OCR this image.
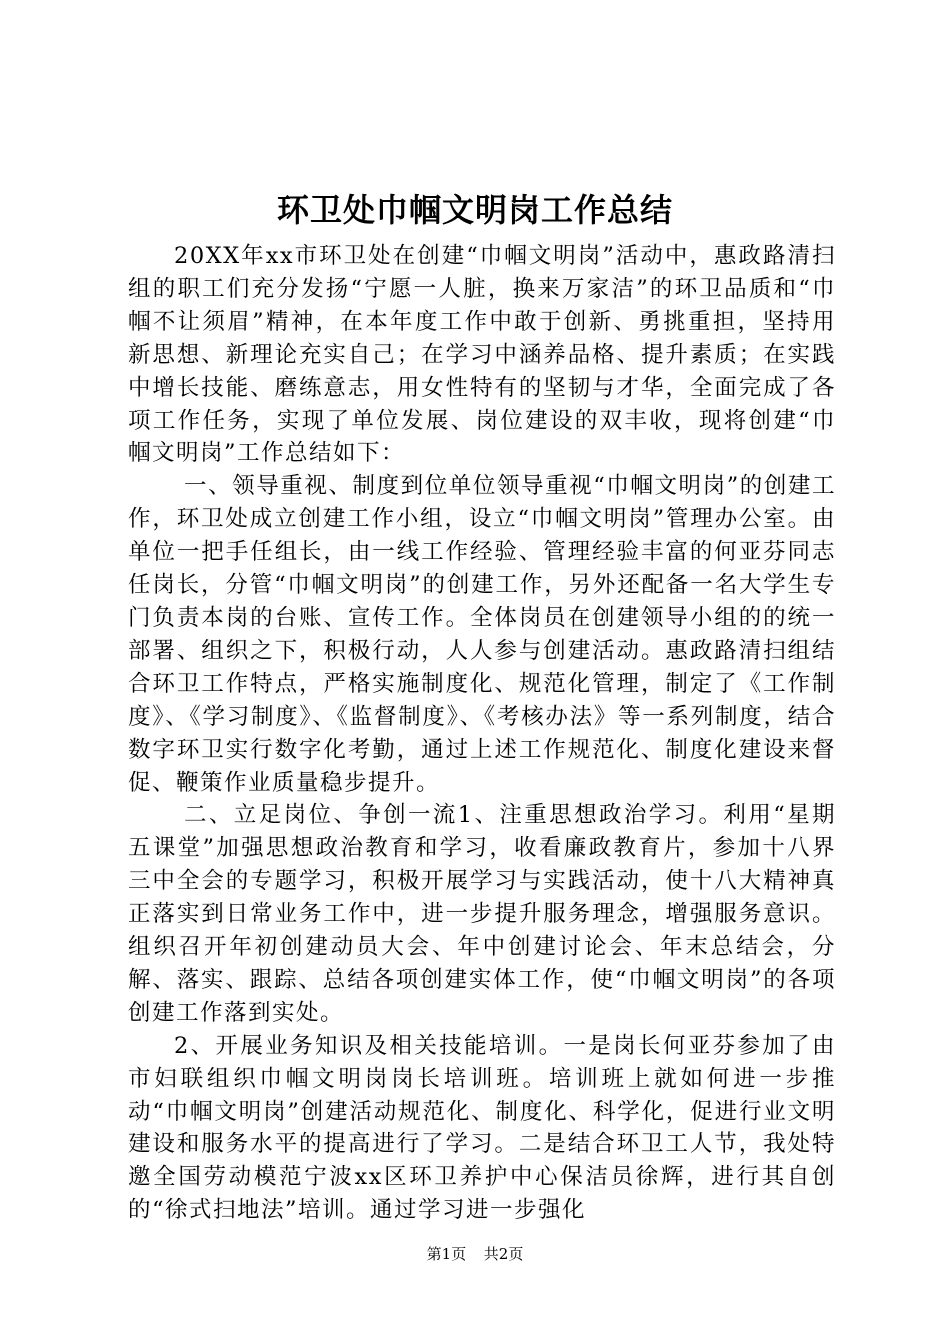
环卫处巾帼文明岗工作总结

20XX年xx市环卫处在创建“巾帼文明岗”活动中，惠政路清扫组的职工们充分发扬“宁愿一人脏，换来万家洁”的环卫品质和“巾帼不让须眉”精神，在本年度工作中敢于创新、勇挑重担，坚持用新思想、新理论充实自己；在学习中涵养品格、提升素质；在实践中增长技能、磨练意志，用女性特有的坚韧与才华，全面完成了各项工作任务，实现了单位发展、岗位建设的双丰收，现将创建“巾帼文明岗”工作总结如下：

一、领导重视、制度到位单位领导重视“巾帼文明岗”的创建工作，环卫处成立创建工作小组，设立“巾帼文明岗”管理办公室。由单位一把手任组长，由一线工作经验、管理经验丰富的何亚芬同志任岗长，分管“巾帼文明岗”的创建工作，另外还配备一名大学生专门负责本岗的台账、宣传工作。全体岗员在创建领导小组的的统一部署、组织之下，积极行动，人人参与创建活动。惠政路清扫组结合环卫工作特点，严格实施制度化、规范化管理，制定了《工作制度》、《学习制度》、《监督制度》、《考核办法》等一系列制度，结合数字环卫实行数字化考勤，通过上述工作规范化、制度化建设来督促、鞭策作业质量稳步提升。

二、立足岗位、争创一流1、注重思想政治学习。利用“星期五课堂”加强思想政治教育和学习，收看廉政教育片，参加十八界三中全会的专题学习，积极开展学习与实践活动，使十八大精神真正落实到日常业务工作中，进一步提升服务理念，增强服务意识。组织召开年初创建动员大会、年中创建讨论会、年末总结会，分解、落实、跟踪、总结各项创建实体工作，使“巾帼文明岗”的各项创建工作落到实处。

2、开展业务知识及相关技能培训。一是岗长何亚芬参加了由市妇联组织巾帼文明岗岗长培训班。培训班上就如何进一步推动“巾帼文明岗”创建活动规范化、制度化、科学化，促进行业文明建设和服务水平的提高进行了学习。二是结合环卫工人节，我处特邀全国劳动模范宁波xx区环卫养护中心保洁员徐辉，进行其自创的“徐式扫地法”培训。通过学习进一步强化

第1页 共2页
